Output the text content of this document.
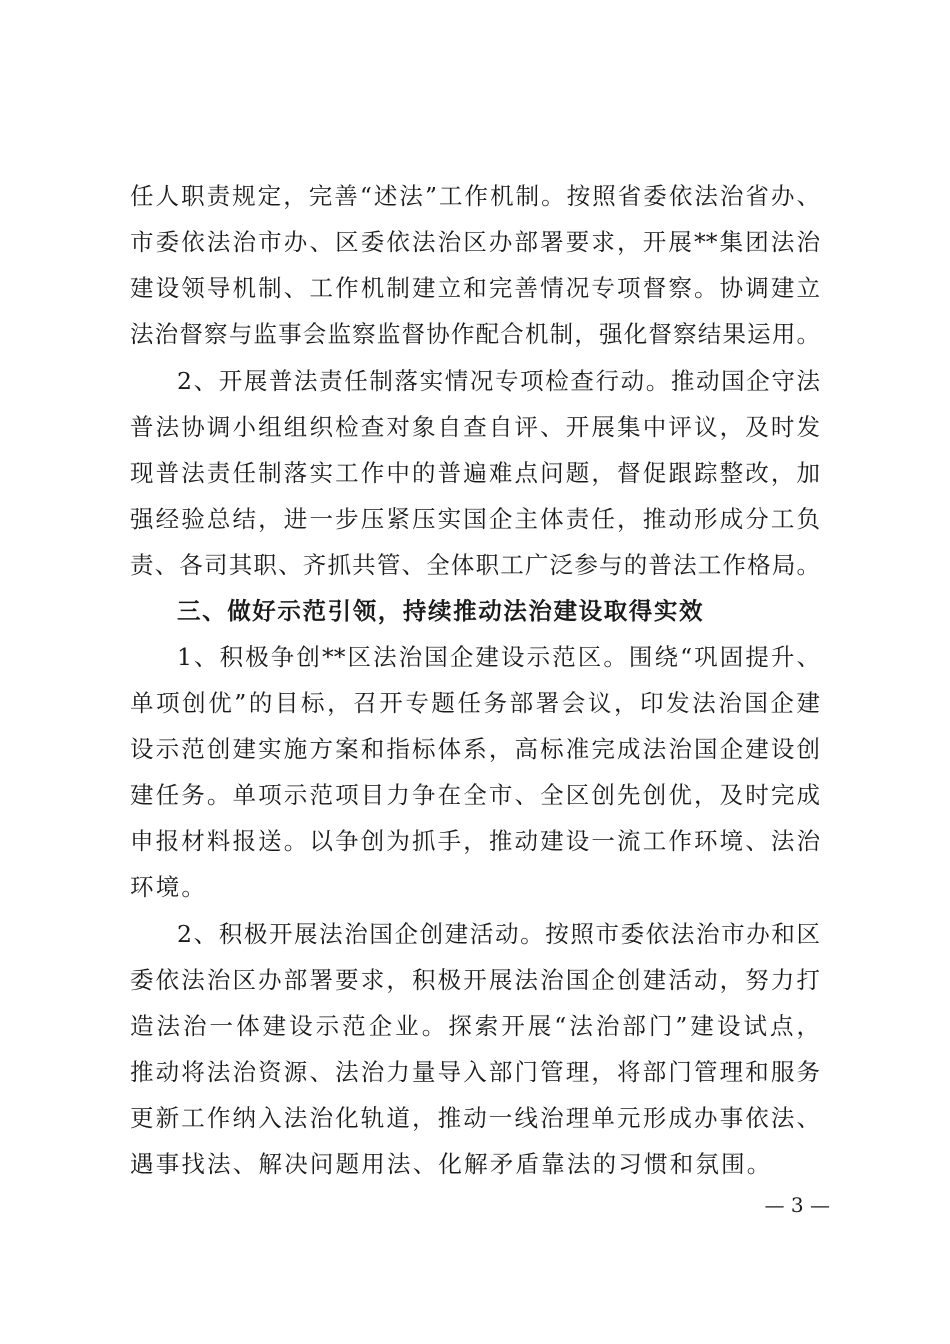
任人职责规定，完善“述法”工作机制。按照省委依法治省办、
市委依法治市办、区委依法治区办部署要求，开展**集团法治
建设领导机制、工作机制建立和完善情况专项督察。协调建立
法治督察与监事会监察监督协作配合机制，强化督察结果运用。
2、开展普法责任制落实情况专项检查行动。推动国企守法
普法协调小组组织检查对象自查自评、开展集中评议，及时发
现普法责任制落实工作中的普遍难点问题，督促跟踪整改，加
强经验总结，进一步压紧压实国企主体责任，推动形成分工负
责、各司其职、齐抓共管、全体职工广泛参与的普法工作格局。
三、做好示范引领，持续推动法治建设取得实效
1、积极争创**区法治国企建设示范区。围绕“巩固提升、
单项创优”的目标，召开专题任务部署会议，印发法治国企建
设示范创建实施方案和指标体系，高标准完成法治国企建设创
建任务。单项示范项目力争在全市、全区创先创优，及时完成
申报材料报送。以争创为抓手，推动建设一流工作环境、法治
环境。
2、积极开展法治国企创建活动。按照市委依法治市办和区
委依法治区办部署要求，积极开展法治国企创建活动，努力打
造法治一体建设示范企业。探索开展“法治部门”建设试点，
推动将法治资源、法治力量导入部门管理，将部门管理和服务
更新工作纳入法治化轨道，推动一线治理单元形成办事依法、
遇事找法、解决问题用法、化解矛盾靠法的习惯和氛围。
— 3 —
